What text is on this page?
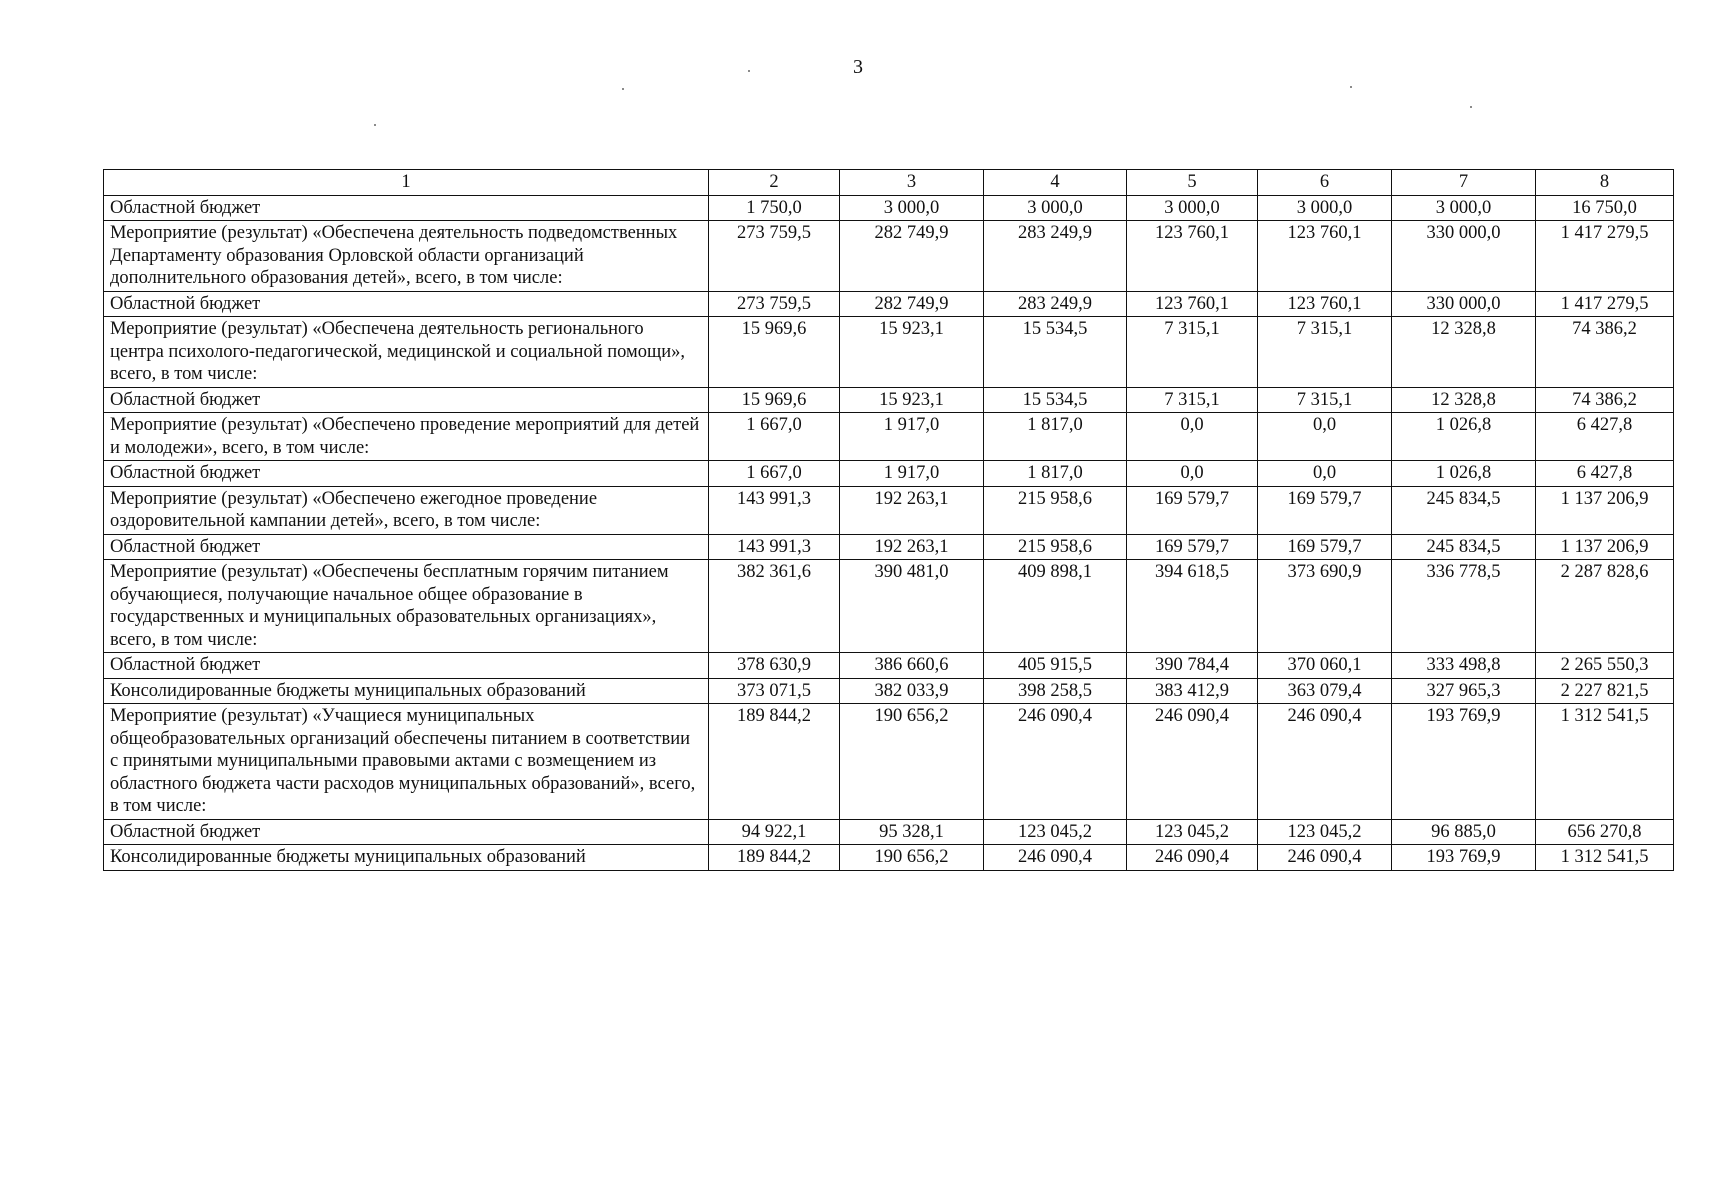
3
1	2	3	4	5	6	7	8
Областной бюджет	1 750,0	3 000,0	3 000,0	3 000,0	3 000,0	3 000,0	16 750,0
Мероприятие (результат) «Обеспечена деятельность подведомственных Департаменту образования Орловской области организаций дополнительного образования детей», всего, в том числе:	273 759,5	282 749,9	283 249,9	123 760,1	123 760,1	330 000,0	1 417 279,5
Областной бюджет	273 759,5	282 749,9	283 249,9	123 760,1	123 760,1	330 000,0	1 417 279,5
Мероприятие (результат) «Обеспечена деятельность регионального центра психолого-педагогической, медицинской и социальной помощи», всего, в том числе:	15 969,6	15 923,1	15 534,5	7 315,1	7 315,1	12 328,8	74 386,2
Областной бюджет	15 969,6	15 923,1	15 534,5	7 315,1	7 315,1	12 328,8	74 386,2
Мероприятие (результат) «Обеспечено проведение мероприятий для детей и молодежи», всего, в том числе:	1 667,0	1 917,0	1 817,0	0,0	0,0	1 026,8	6 427,8
Областной бюджет	1 667,0	1 917,0	1 817,0	0,0	0,0	1 026,8	6 427,8
Мероприятие (результат) «Обеспечено ежегодное проведение оздоровительной кампании детей», всего, в том числе:	143 991,3	192 263,1	215 958,6	169 579,7	169 579,7	245 834,5	1 137 206,9
Областной бюджет	143 991,3	192 263,1	215 958,6	169 579,7	169 579,7	245 834,5	1 137 206,9
Мероприятие (результат) «Обеспечены бесплатным горячим питанием обучающиеся, получающие начальное общее образование в государственных и муниципальных образовательных организациях», всего, в том числе:	382 361,6	390 481,0	409 898,1	394 618,5	373 690,9	336 778,5	2 287 828,6
Областной бюджет	378 630,9	386 660,6	405 915,5	390 784,4	370 060,1	333 498,8	2 265 550,3
Консолидированные бюджеты муниципальных образований	373 071,5	382 033,9	398 258,5	383 412,9	363 079,4	327 965,3	2 227 821,5
Мероприятие (результат) «Учащиеся муниципальных общеобразовательных организаций обеспечены питанием в соответствии с принятыми муниципальными правовыми актами с возмещением из областного бюджета части расходов муниципальных образований», всего, в том числе:	189 844,2	190 656,2	246 090,4	246 090,4	246 090,4	193 769,9	1 312 541,5
Областной бюджет	94 922,1	95 328,1	123 045,2	123 045,2	123 045,2	96 885,0	656 270,8
Консолидированные бюджеты муниципальных образований	189 844,2	190 656,2	246 090,4	246 090,4	246 090,4	193 769,9	1 312 541,5
